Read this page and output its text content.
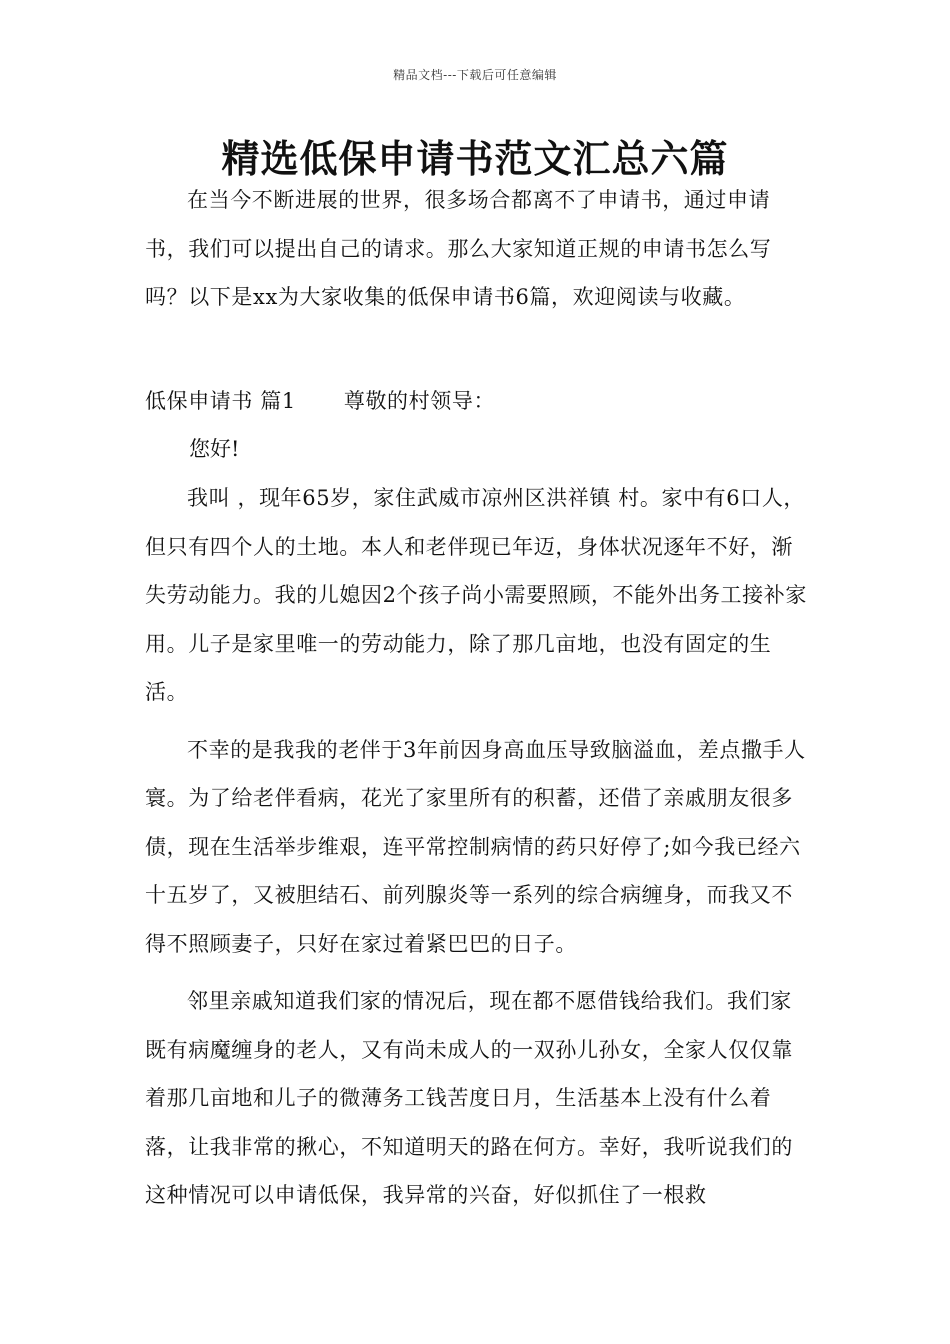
精品文档---下载后可任意编辑
精选低保申请书范文汇总六篇

在当今不断进展的世界，很多场合都离不了申请书，通过申请书，我们可以提出自己的请求。那么大家知道正规的申请书怎么写吗？以下是xx为大家收集的低保申请书6篇，欢迎阅读与收藏。

低保申请书 篇1 尊敬的村领导：
您好!

我叫 ，现年65岁，家住武威市凉州区洪祥镇 村。家中有6口人，但只有四个人的土地。本人和老伴现已年迈，身体状况逐年不好，渐失劳动能力。我的儿媳因2个孩子尚小需要照顾，不能外出务工接补家用。儿子是家里唯一的劳动能力，除了那几亩地，也没有固定的生活。

不幸的是我我的老伴于3年前因身高血压导致脑溢血，差点撒手人寰。为了给老伴看病，花光了家里所有的积蓄，还借了亲戚朋友很多债，现在生活举步维艰，连平常控制病情的药只好停了;如今我已经六十五岁了，又被胆结石、前列腺炎等一系列的综合病缠身，而我又不得不照顾妻子，只好在家过着紧巴巴的日子。

邻里亲戚知道我们家的情况后，现在都不愿借钱给我们。我们家既有病魔缠身的老人，又有尚未成人的一双孙儿孙女，全家人仅仅靠着那几亩地和儿子的微薄务工钱苦度日月，生活基本上没有什么着落，让我非常的揪心，不知道明天的路在何方。幸好，我听说我们的这种情况可以申请低保，我异常的兴奋，好似抓住了一根救
